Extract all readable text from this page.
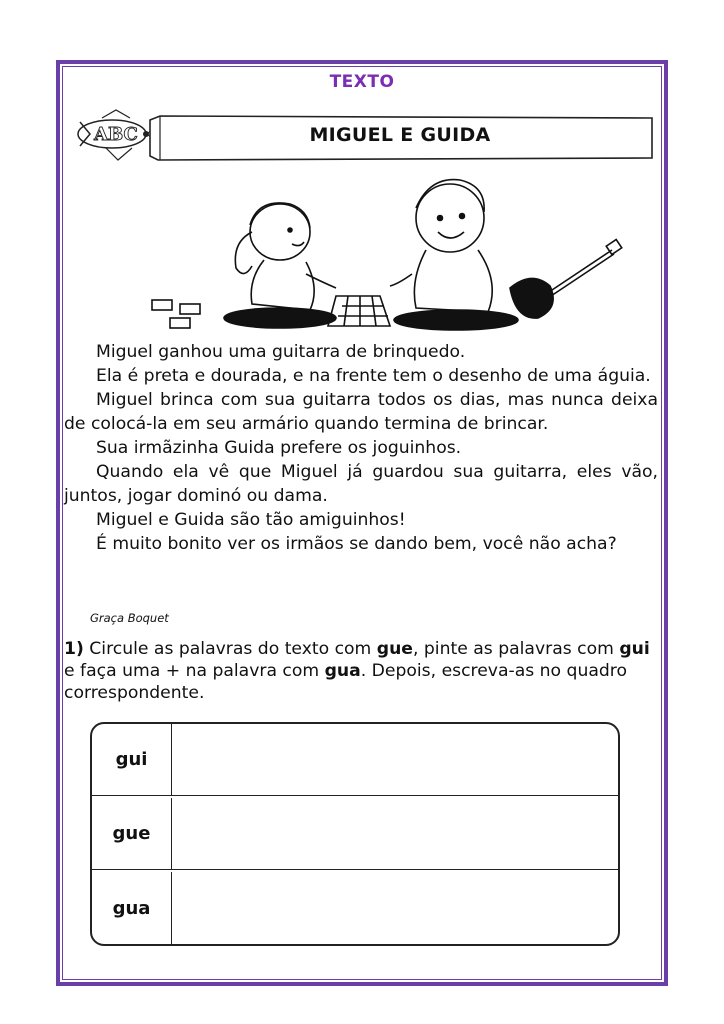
TEXTO
ABC	MIGUEL E GUIDA

Miguel ganhou uma guitarra de brinquedo.

Ela é preta e dourada, e na frente tem o desenho de uma águia.

Miguel brinca com sua guitarra todos os dias, mas nunca deixa de colocá-la em seu armário quando termina de brincar.

Sua irmãzinha Guida prefere os joguinhos.

Quando ela vê que Miguel já guardou sua guitarra, eles vão, juntos, jogar dominó ou dama.

Miguel e Guida são tão amiguinhos!

É muito bonito ver os irmãos se dando bem, você não acha?

Graça Boquet
1) Circule as palavras do texto com gue, pinte as palavras com gui e faça uma + na palavra com gua. Depois, escreva-as no quadro correspondente.
gui
gue
gua
